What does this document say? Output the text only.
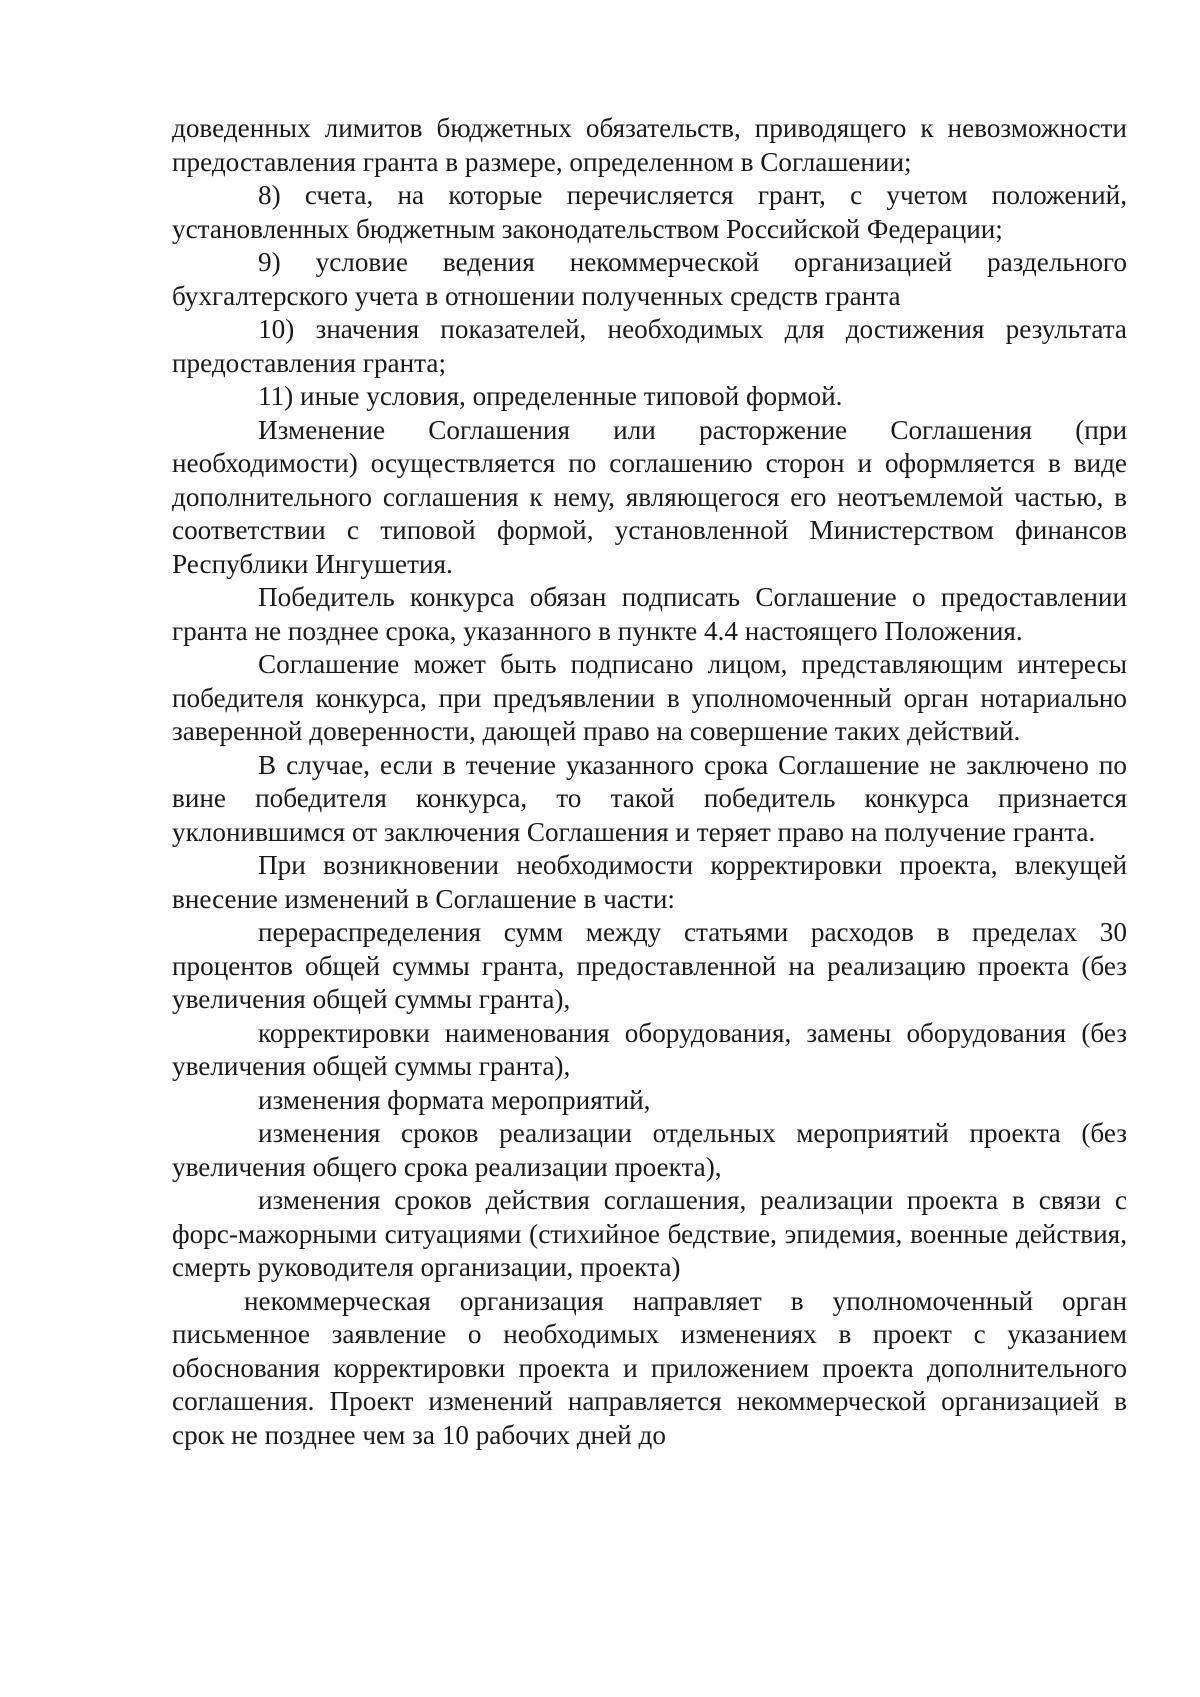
доведенных лимитов бюджетных обязательств, приводящего к невозможности предоставления гранта в размере, определенном в Соглашении;

8) счета, на которые перечисляется грант, с учетом положений, установленных бюджетным законодательством Российской Федерации;

9) условие ведения некоммерческой организацией раздельного бухгалтерского учета в отношении полученных средств гранта

10) значения показателей, необходимых для достижения результата предоставления гранта;

11) иные условия, определенные типовой формой.

Изменение Соглашения или расторжение Соглашения (при необходимости) осуществляется по соглашению сторон и оформляется в виде дополнительного соглашения к нему, являющегося его неотъемлемой частью, в соответствии с типовой формой, установленной Министерством финансов Республики Ингушетия.

Победитель конкурса обязан подписать Соглашение о предоставлении гранта не позднее срока, указанного в пункте 4.4 настоящего Положения.

Соглашение может быть подписано лицом, представляющим интересы победителя конкурса, при предъявлении в уполномоченный орган нотариально заверенной доверенности, дающей право на совершение таких действий.

В случае, если в течение указанного срока Соглашение не заключено по вине победителя конкурса, то такой победитель конкурса признается уклонившимся от заключения Соглашения и теряет право на получение гранта.

При возникновении необходимости корректировки проекта, влекущей внесение изменений в Соглашение в части:

перераспределения сумм между статьями расходов в пределах 30 процентов общей суммы гранта, предоставленной на реализацию проекта (без увеличения общей суммы гранта),

корректировки наименования оборудования, замены оборудования (без увеличения общей суммы гранта),

изменения формата мероприятий,

изменения сроков реализации отдельных мероприятий проекта (без увеличения общего срока реализации проекта),

изменения сроков действия соглашения, реализации проекта в связи с форс-мажорными ситуациями (стихийное бедствие, эпидемия, военные действия, смерть руководителя организации, проекта)

некоммерческая организация направляет в уполномоченный орган письменное заявление о необходимых изменениях в проект с указанием обоснования корректировки проекта и приложением проекта дополнительного соглашения. Проект изменений направляется некоммерческой организацией в срок не позднее чем за 10 рабочих дней до
